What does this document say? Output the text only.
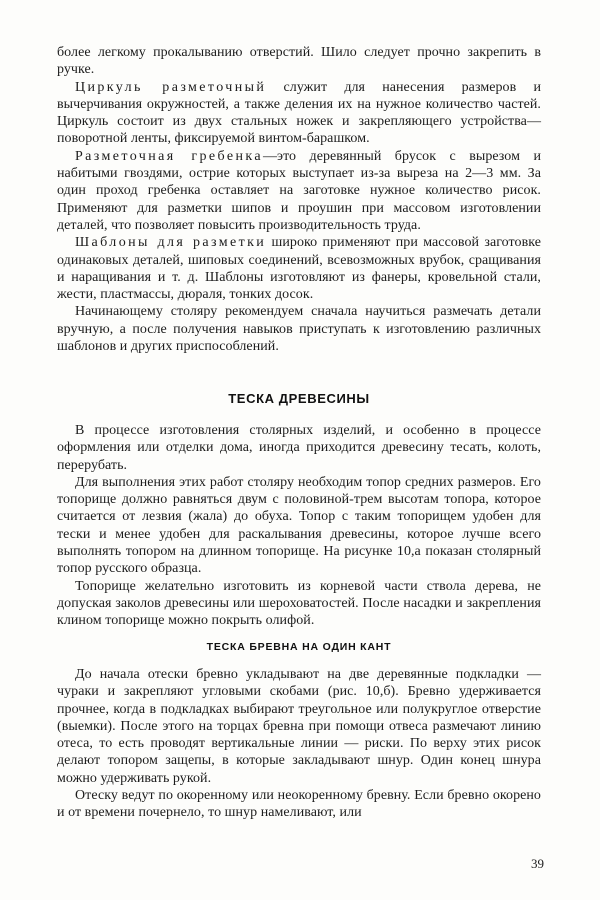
более легкому прокалыванию отверстий. Шило следует прочно закрепить в ручке.

Циркуль разметочный служит для нанесения размеров и вычерчивания окружностей, а также деления их на нужное количество частей. Циркуль состоит из двух стальных ножек и закрепляющего устройства—поворотной ленты, фиксируемой винтом-барашком.

Разметочная гребенка—это деревянный брусок с вырезом и набитыми гвоздями, острие которых выступает из-за выреза на 2—3 мм. За один проход гребенка оставляет на заготовке нужное количество рисок. Применяют для разметки шипов и проушин при массовом изготовлении деталей, что позволяет повысить производительность труда.

Шаблоны для разметки широко применяют при массовой заготовке одинаковых деталей, шиповых соединений, всевозможных врубок, сращивания и наращивания и т. д. Шаблоны изготовляют из фанеры, кровельной стали, жести, пластмассы, дюраля, тонких досок.

Начинающему столяру рекомендуем сначала научиться размечать детали вручную, а после получения навыков приступать к изготовлению различных шаблонов и других приспособлений.

ТЕСКА ДРЕВЕСИНЫ

В процессе изготовления столярных изделий, и особенно в процессе оформления или отделки дома, иногда приходится древесину тесать, колоть, перерубать.

Для выполнения этих работ столяру необходим топор средних размеров. Его топорище должно равняться двум с половиной-трем высотам топора, которое считается от лезвия (жала) до обуха. Топор с таким топорищем удобен для тески и менее удобен для раскалывания древесины, которое лучше всего выполнять топором на длинном топорище. На рисунке 10,а показан столярный топор русского образца.

Топорище желательно изготовить из корневой части ствола дерева, не допуская заколов древесины или шероховатостей. После насадки и закрепления клином топорище можно покрыть олифой.

ТЕСКА БРЕВНА НА ОДИН КАНТ

До начала отески бревно укладывают на две деревянные подкладки — чураки и закрепляют угловыми скобами (рис. 10,б). Бревно удерживается прочнее, когда в подкладках выбирают треугольное или полукруглое отверстие (выемки). После этого на торцах бревна при помощи отвеса размечают линию отеса, то есть проводят вертикальные линии — риски. По верху этих рисок делают топором защепы, в которые закладывают шнур. Один конец шнура можно удерживать рукой.

Отеску ведут по окоренному или неокоренному бревну. Если бревно окорено и от времени почернело, то шнур намеливают, или

39
